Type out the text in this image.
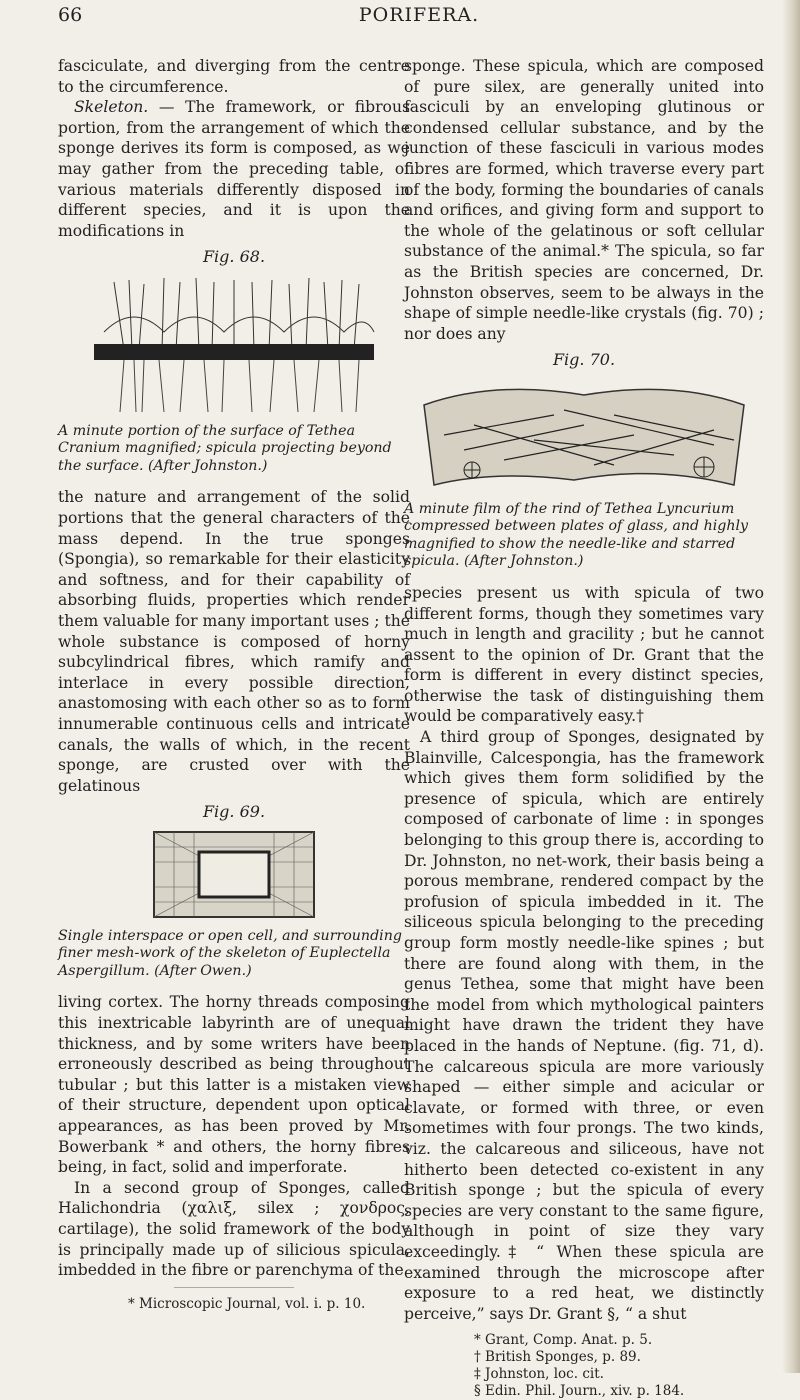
66	PORIFERA.

fasciculate, and diverging from the centre to the circumference.

Skeleton. — The framework, or fibrous portion, from the arrangement of which the sponge derives its form is composed, as we may gather from the preceding table, of various materials differently disposed in different species, and it is upon the modifications in

Fig. 68.
A minute portion of the surface of Tethea Cranium magnified; spicula projecting beyond the surface. (After Johnston.)

the nature and arrangement of the solid portions that the general characters of the mass depend. In the true sponges (Spongia), so remarkable for their elasticity and softness, and for their capability of absorbing fluids, properties which render them valuable for many important uses ; the whole substance is composed of horny subcylindrical fibres, which ramify and interlace in every possible direction, anastomosing with each other so as to form innumerable continuous cells and intricate canals, the walls of which, in the recent sponge, are crusted over with the gelatinous

Fig. 69.
Single interspace or open cell, and surrounding finer mesh-work of the skeleton of Euplectella Aspergillum. (After Owen.)

living cortex. The horny threads composing this inextricable labyrinth are of unequal thickness, and by some writers have been erroneously described as being throughout tubular ; but this latter is a mistaken view of their structure, dependent upon optical appearances, as has been proved by Mr. Bowerbank * and others, the horny fibres being, in fact, solid and imperforate.

In a second group of Sponges, called Halichondria (χαλιξ, silex ; χονδρος, cartilage), the solid framework of the body is principally made up of silicious spicula, imbedded in the fibre or parenchyma of the

* Microscopic Journal, vol. i. p. 10.

sponge. These spicula, which are composed of pure silex, are generally united into fasciculi by an enveloping glutinous or condensed cellular substance, and by the junction of these fasciculi in various modes fibres are formed, which traverse every part of the body, forming the boundaries of canals and orifices, and giving form and support to the whole of the gelatinous or soft cellular substance of the animal.* The spicula, so far as the British species are concerned, Dr. Johnston observes, seem to be always in the shape of simple needle-like crystals (fig. 70) ; nor does any

Fig. 70.
A minute film of the rind of Tethea Lyncurium compressed between plates of glass, and highly magnified to show the needle-like and starred spicula. (After Johnston.)

species present us with spicula of two different forms, though they sometimes vary much in length and gracility ; but he cannot assent to the opinion of Dr. Grant that the form is different in every distinct species, otherwise the task of distinguishing them would be comparatively easy.†

A third group of Sponges, designated by Blainville, Calcespongia, has the framework which gives them form solidified by the presence of spicula, which are entirely composed of carbonate of lime : in sponges belonging to this group there is, according to Dr. Johnston, no net-work, their basis being a porous membrane, rendered compact by the profusion of spicula imbedded in it. The siliceous spicula belonging to the preceding group form mostly needle-like spines ; but there are found along with them, in the genus Tethea, some that might have been the model from which mythological painters might have drawn the trident they have placed in the hands of Neptune. (fig. 71, d). The calcareous spicula are more variously shaped — either simple and acicular or clavate, or formed with three, or even sometimes with four prongs. The two kinds, viz. the calcareous and siliceous, have not hitherto been detected co-existent in any British sponge ; but the spicula of every species are very constant to the same figure, although in point of size they vary exceedingly.‡ “ When these spicula are examined through the microscope after exposure to a red heat, we distinctly perceive,” says Dr. Grant §, “ a shut

* Grant, Comp. Anat. p. 5.
† British Sponges, p. 89.
‡ Johnston, loc. cit.
§ Edin. Phil. Journ., xiv. p. 184.
